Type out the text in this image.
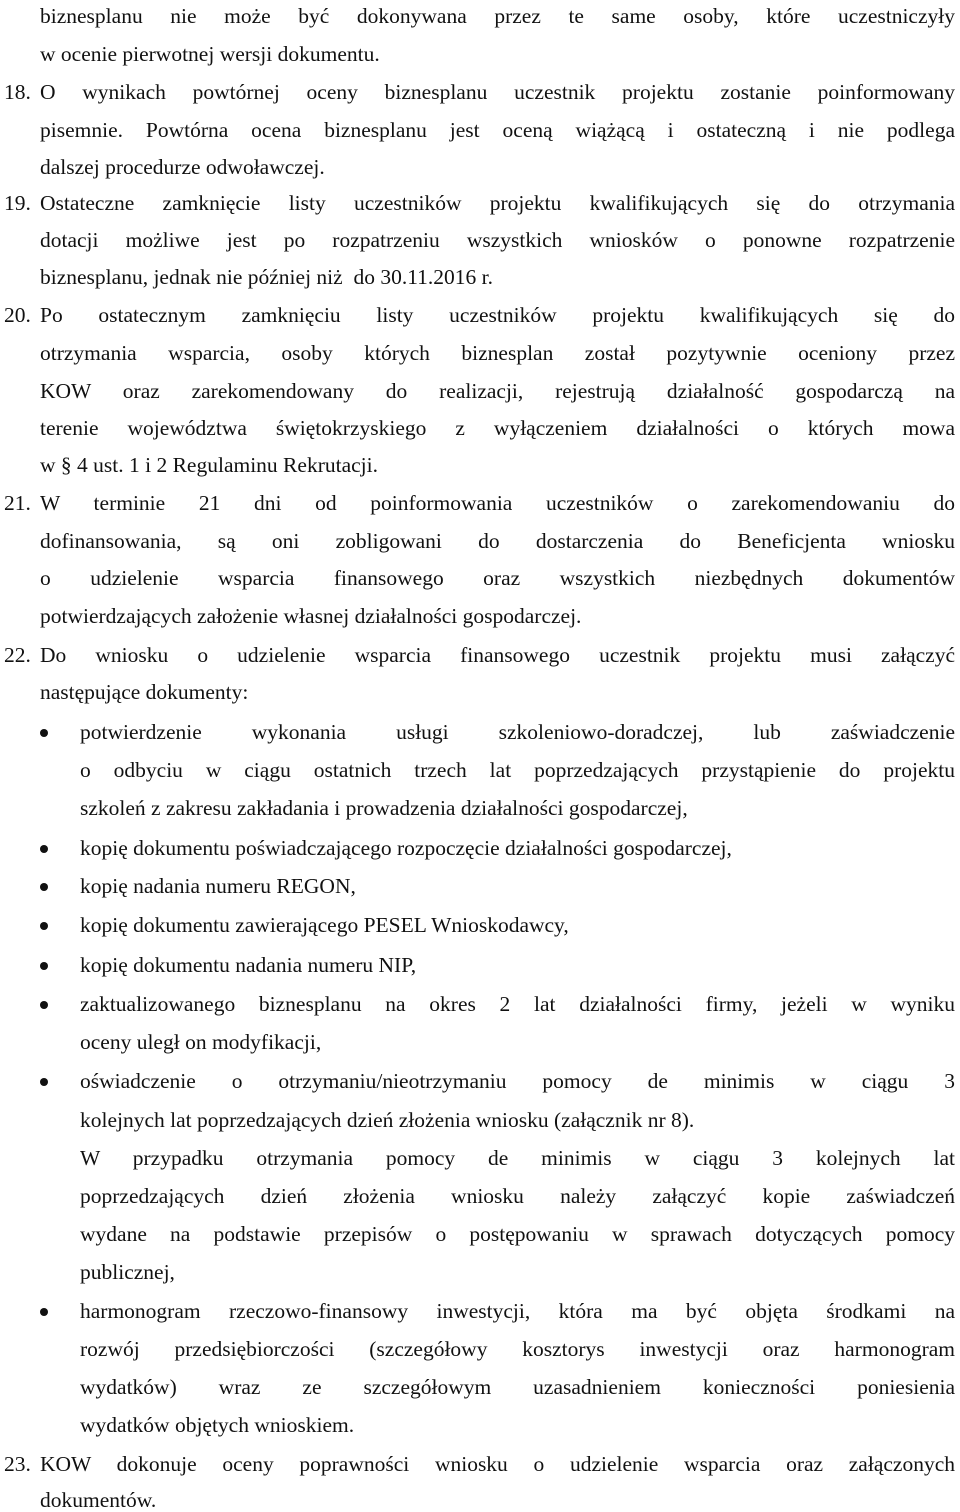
biznesplanu nie może być dokonywana przez te same osoby, które uczestniczyły
w ocenie pierwotnej wersji dokumentu.
18. O wynikach powtórnej oceny biznesplanu uczestnik projektu zostanie poinformowany
pisemnie. Powtórna ocena biznesplanu jest oceną wiążącą i ostateczną i nie podlega
dalszej procedurze odwoławczej.
19. Ostateczne zamknięcie listy uczestników projektu kwalifikujących się do otrzymania
dotacji możliwe jest po rozpatrzeniu wszystkich wniosków o ponowne rozpatrzenie
biznesplanu, jednak nie później niż  do 30.11.2016 r.
20. Po ostatecznym zamknięciu listy uczestników projektu kwalifikujących się do
otrzymania wsparcia, osoby których biznesplan został pozytywnie oceniony przez
KOW oraz zarekomendowany do realizacji, rejestrują działalność gospodarczą na
terenie województwa świętokrzyskiego z wyłączeniem działalności o których mowa
w § 4 ust. 1 i 2 Regulaminu Rekrutacji.
21. W terminie 21 dni od poinformowania uczestników o zarekomendowaniu do
dofinansowania, są oni zobligowani do dostarczenia do Beneficjenta wniosku
o udzielenie wsparcia finansowego oraz wszystkich niezbędnych dokumentów
potwierdzających założenie własnej działalności gospodarczej.
22. Do wniosku o udzielenie wsparcia finansowego uczestnik projektu musi załączyć
następujące dokumenty:
potwierdzenie wykonania usługi szkoleniowo-doradczej, lub zaświadczenie
o odbyciu w ciągu ostatnich trzech lat poprzedzających przystąpienie do projektu
szkoleń z zakresu zakładania i prowadzenia działalności gospodarczej,
kopię dokumentu poświadczającego rozpoczęcie działalności gospodarczej,
kopię nadania numeru REGON,
kopię dokumentu zawierającego PESEL Wnioskodawcy,
kopię dokumentu nadania numeru NIP,
zaktualizowanego biznesplanu na okres 2 lat działalności firmy, jeżeli w wyniku
oceny uległ on modyfikacji,
oświadczenie o otrzymaniu/nieotrzymaniu pomocy de minimis w ciągu 3
kolejnych lat poprzedzających dzień złożenia wniosku (załącznik nr 8).
W przypadku otrzymania pomocy de minimis w ciągu 3 kolejnych lat
poprzedzających dzień złożenia wniosku należy załączyć kopie zaświadczeń
wydane na podstawie przepisów o postępowaniu w sprawach dotyczących pomocy
publicznej,
harmonogram rzeczowo-finansowy inwestycji, która ma być objęta środkami na
rozwój przedsiębiorczości (szczegółowy kosztorys inwestycji oraz harmonogram
wydatków) wraz ze szczegółowym uzasadnieniem konieczności poniesienia
wydatków objętych wnioskiem.
23. KOW dokonuje oceny poprawności wniosku o udzielenie wsparcia oraz załączonych
dokumentów.
